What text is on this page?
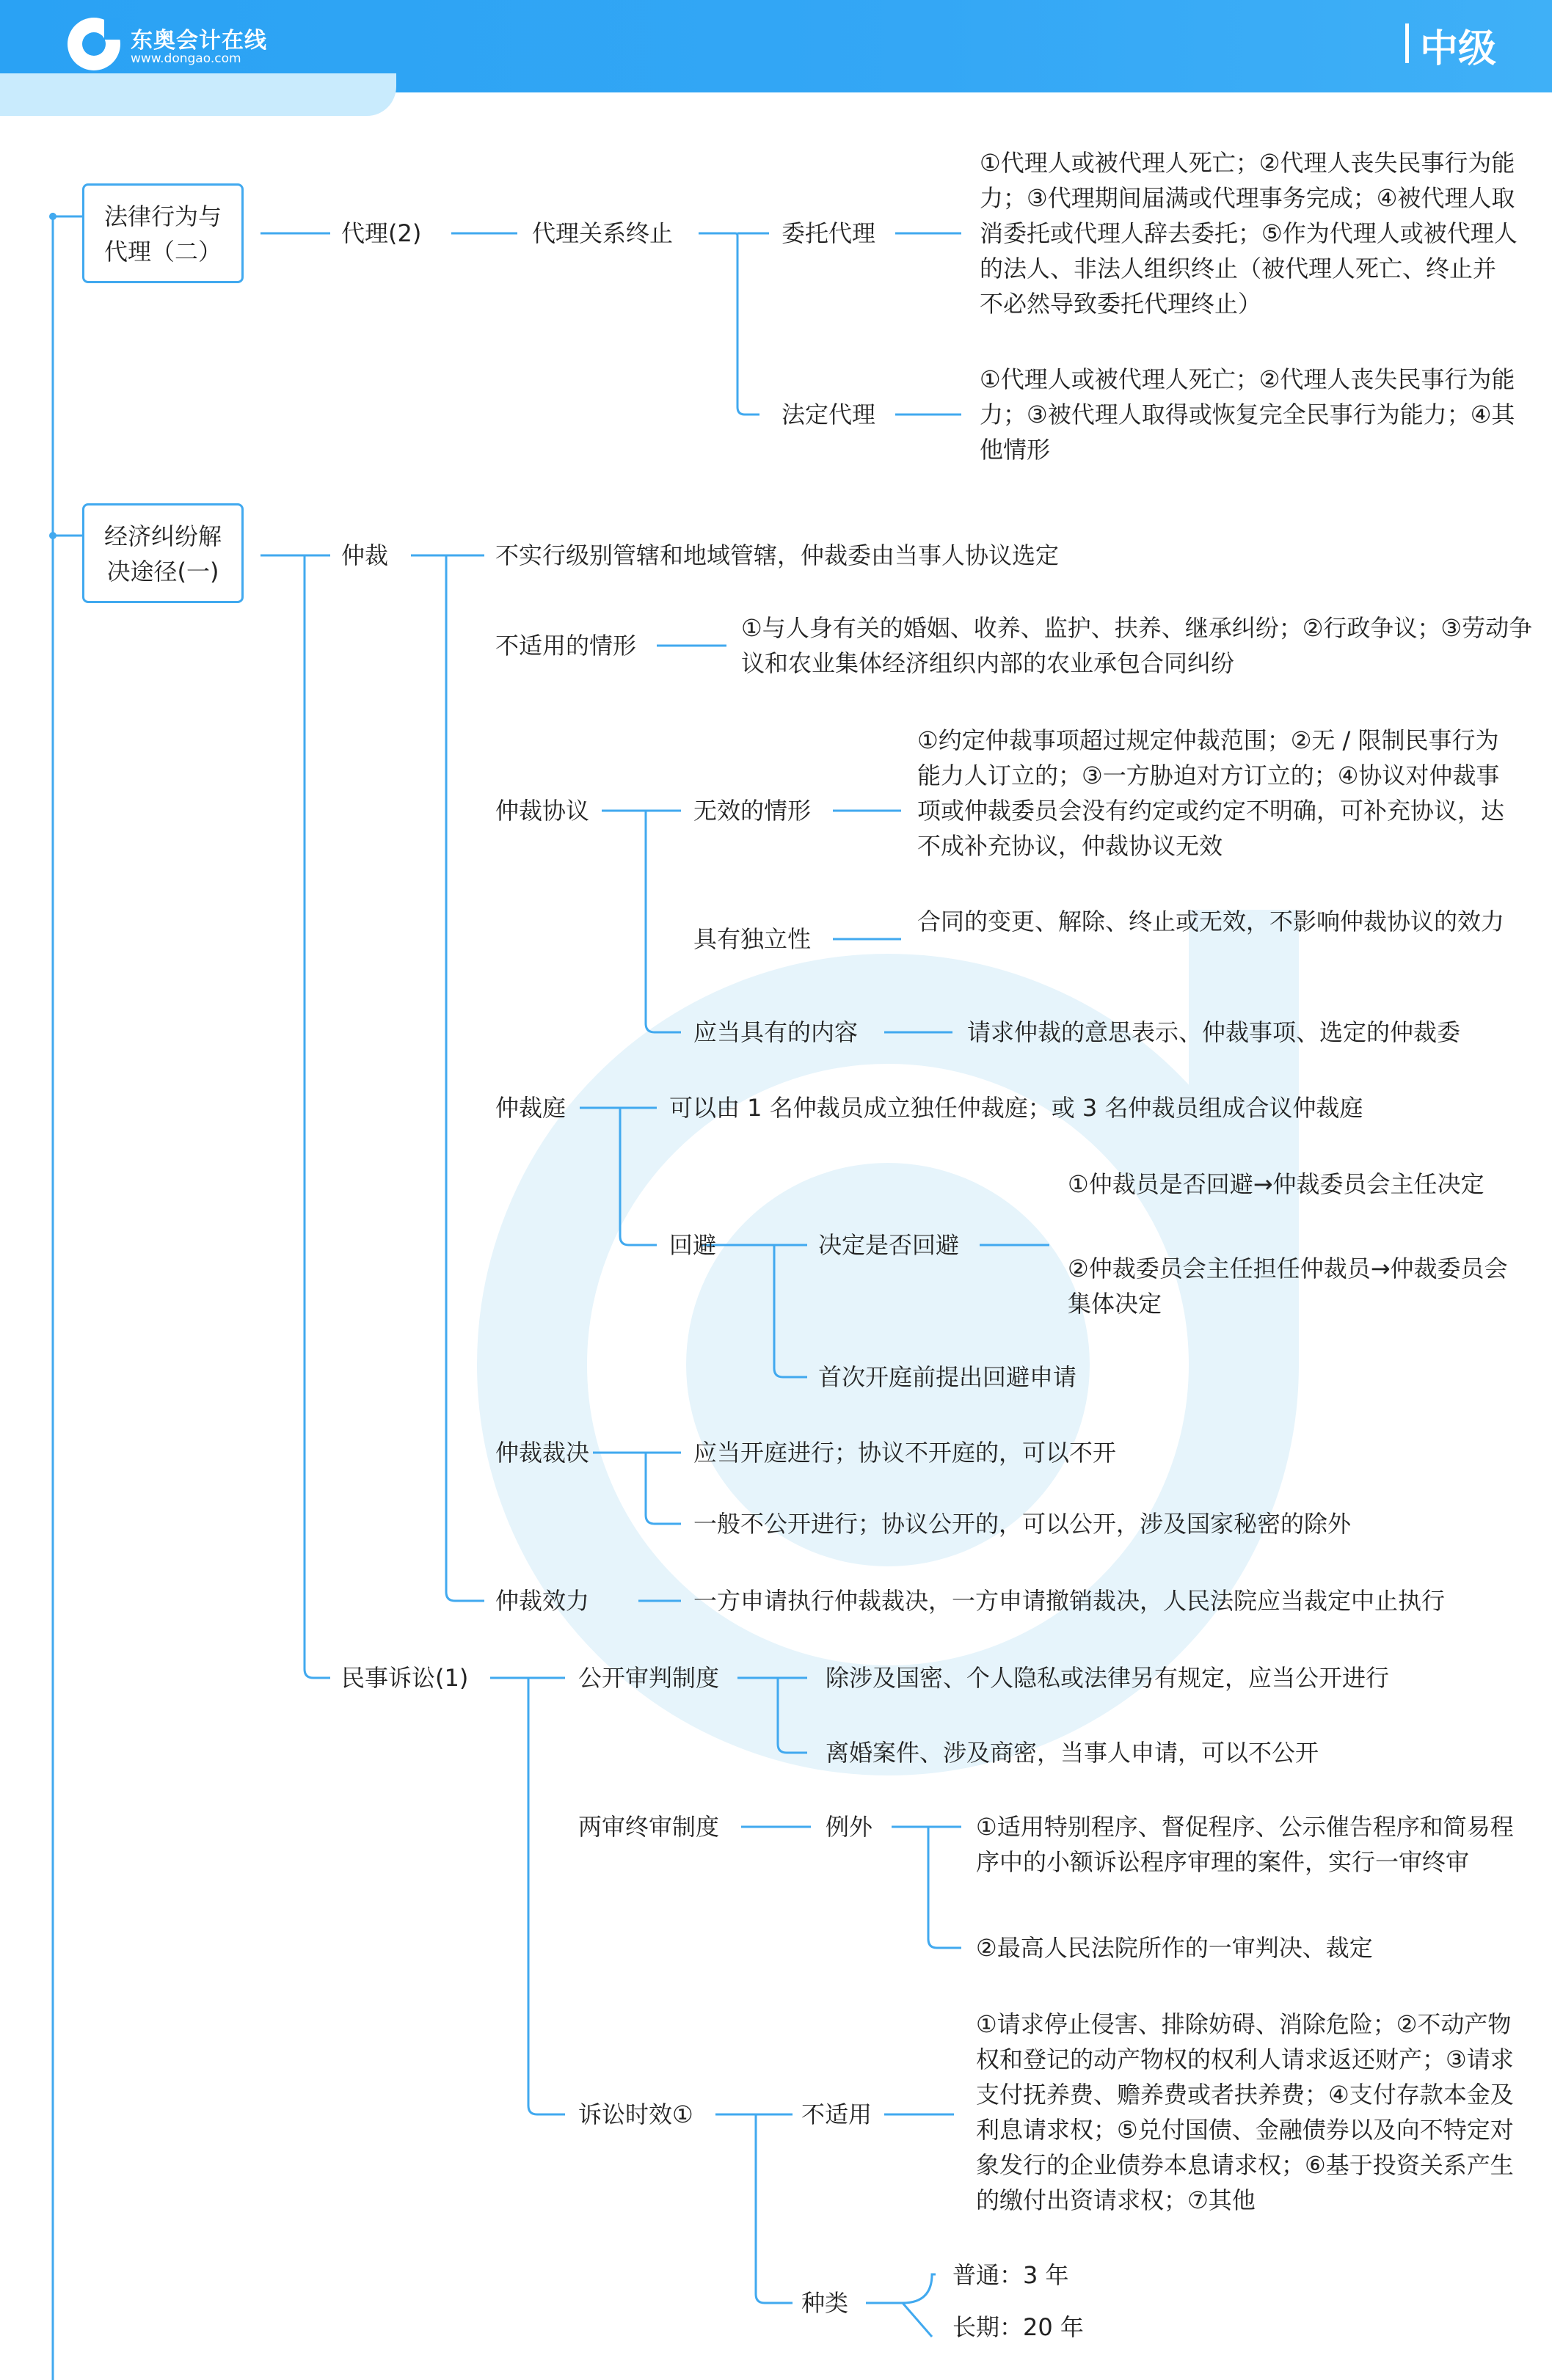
东奥会计在线
www.dongao.com	中级
法律行为与
代理（二）
代理(2)	代理关系终止	委托代理
①代理人或被代理人死亡；②代理人丧失民事行为能力；③代理期间届满或代理事务完成；④被代理人取消委托或代理人辞去委托；⑤作为代理人或被代理人的法人、非法人组织终止（被代理人死亡、终止并不必然导致委托代理终止）
法定代理
①代理人或被代理人死亡；②代理人丧失民事行为能力；③被代理人取得或恢复完全民事行为能力；④其他情形
经济纠纷解
决途径(一)
仲裁	不实行级别管辖和地域管辖，仲裁委由当事人协议选定
不适用的情形
①与人身有关的婚姻、收养、监护、扶养、继承纠纷；②行政争议；③劳动争议和农业集体经济组织内部的农业承包合同纠纷
仲裁协议	无效的情形
①约定仲裁事项超过规定仲裁范围；②无 / 限制民事行为能力人订立的；③一方胁迫对方订立的；④协议对仲裁事项或仲裁委员会没有约定或约定不明确，可补充协议，达不成补充协议，仲裁协议无效
具有独立性
合同的变更、解除、终止或无效，不影响仲裁协议的效力
应当具有的内容	请求仲裁的意思表示、仲裁事项、选定的仲裁委
仲裁庭	可以由 1 名仲裁员成立独任仲裁庭；或 3 名仲裁员组成合议仲裁庭
回避	决定是否回避
①仲裁员是否回避→仲裁委员会主任决定
②仲裁委员会主任担任仲裁员→仲裁委员会集体决定
首次开庭前提出回避申请
仲裁裁决	应当开庭进行；协议不开庭的，可以不开
一般不公开进行；协议公开的，可以公开，涉及国家秘密的除外
仲裁效力	一方申请执行仲裁裁决，一方申请撤销裁决，人民法院应当裁定中止执行
民事诉讼(1)	公开审判制度	除涉及国密、个人隐私或法律另有规定，应当公开进行
离婚案件、涉及商密，当事人申请，可以不公开
两审终审制度	例外	①适用特别程序、督促程序、公示催告程序和简易程序中的小额诉讼程序审理的案件，实行一审终审
②最高人民法院所作的一审判决、裁定
诉讼时效①	不适用
①请求停止侵害、排除妨碍、消除危险；②不动产物权和登记的动产物权的权利人请求返还财产；③请求支付抚养费、赡养费或者扶养费；④支付存款本金及利息请求权；⑤兑付国债、金融债券以及向不特定对象发行的企业债券本息请求权；⑥基于投资关系产生的缴付出资请求权；⑦其他
种类
普通：3 年
长期：20 年
